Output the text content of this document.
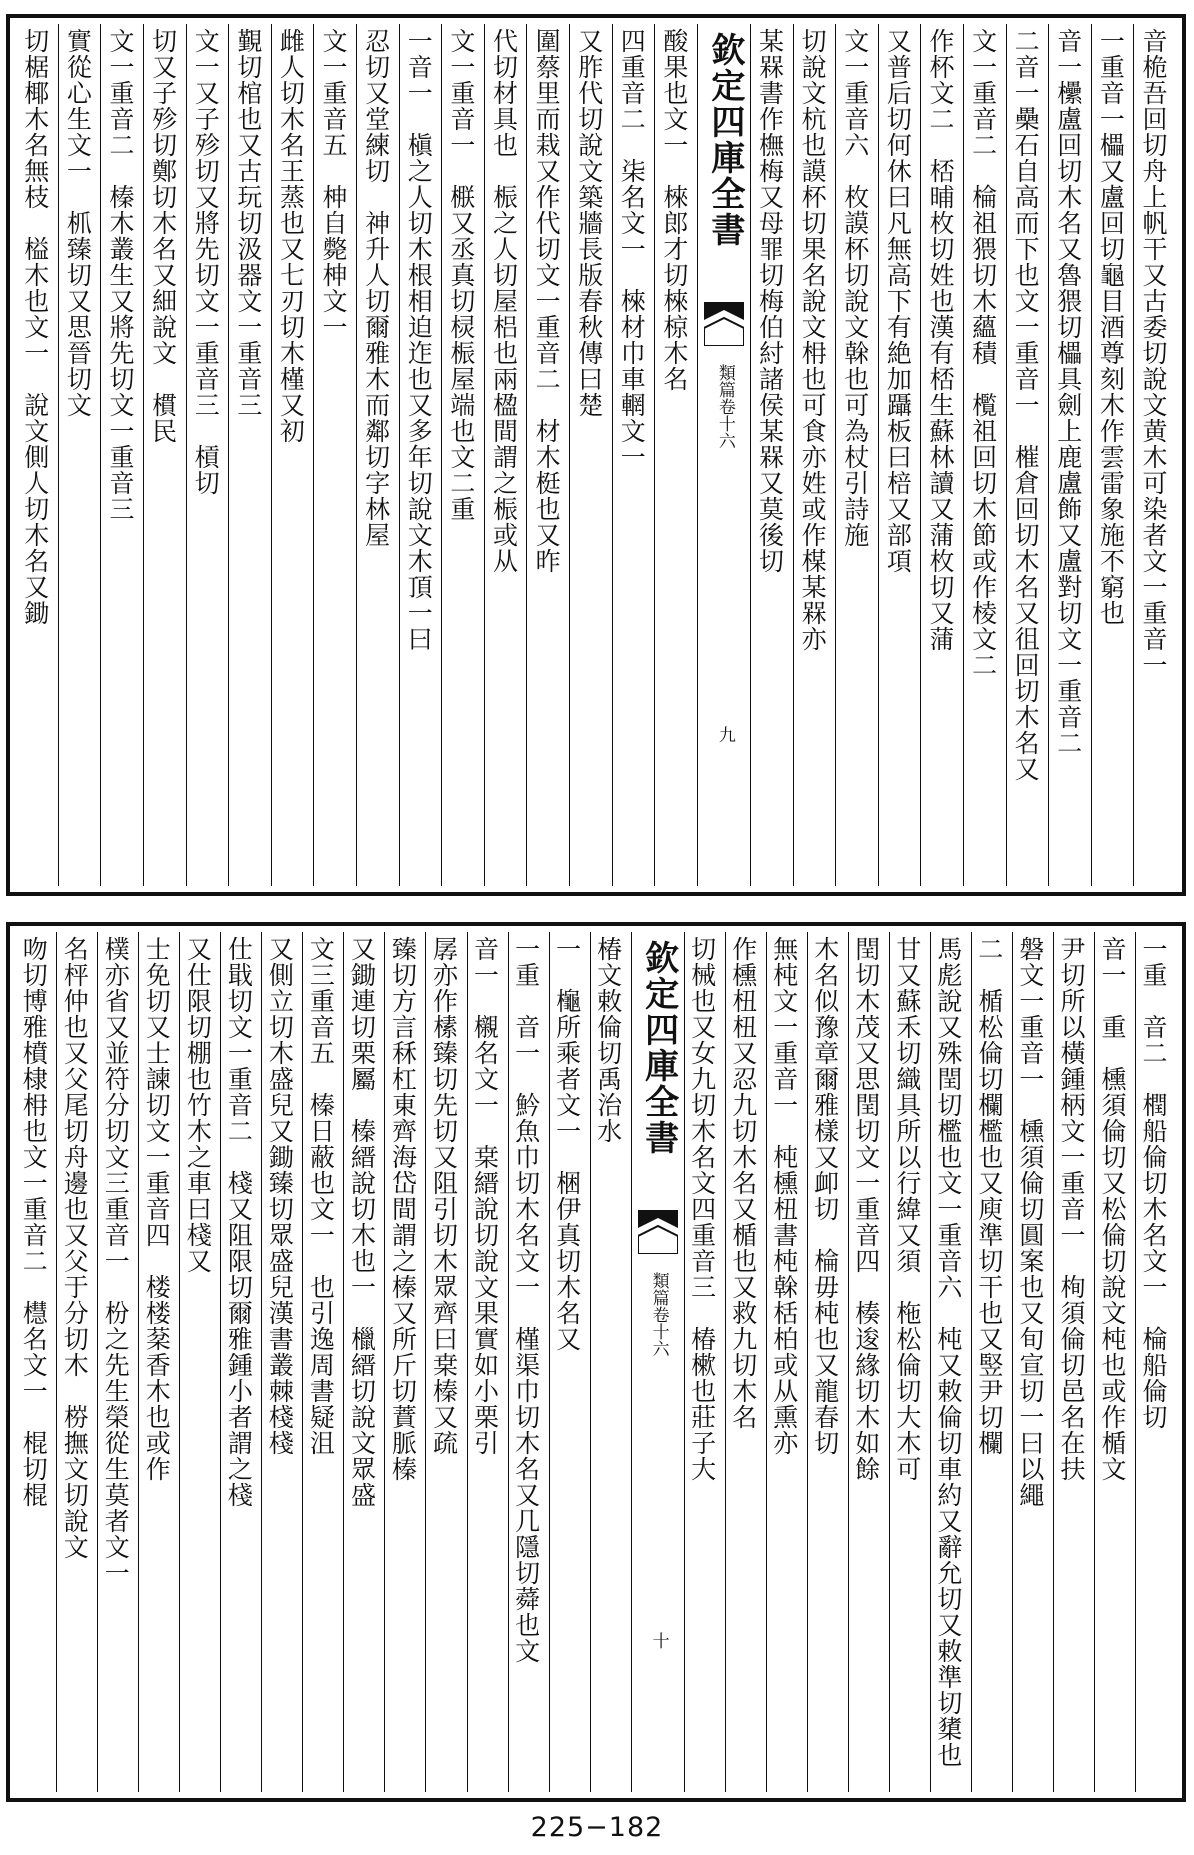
音桅吾回切舟上帆干又古委切說文黄木可染者文一重音一
一重音一櫑又盧回切龜目酒尊刻木作雲雷象施不窮也
音一欙盧回切木名又魯猥切櫑具劍上鹿盧飾又盧對切文一重音二
二音一櫐石自高而下也文一重音一　槯倉回切木名又徂回切木名又
文一重音二　棆祖猥切木蘊積　㰖祖回切木節或作棱文二
作杯文二　桮晡枚切姓也漢有桮生蘇林讀又蒲枚切又蒲
又普后切何休曰凡無高下有絶加躡板曰棓又部項
文一重音六　枚謨杯切說文榦也可為杖引詩施
切說文杭也謨杯切果名說文枏也可食亦姓或作楳某槑亦
某槑書作橅梅又母罪切梅伯紂諸侯某槑又莫後切
欽定四庫全書
類篇卷十六
九
酸果也文一　棶郎才切棶椋木名
四重音二　㭍名文一　棶材巾車輞文一
又胙代切說文築牆長版春秋傳曰楚
圍蔡里而栽又作代切文一重音二　材木梃也又昨
代切材具也　桭之人切屋梠也兩楹間謂之桭或从
文一重音一　㮳又丞真切棂桭屋端也文二重
一音一　槇之人切木根相迫迮也又多年切說文木頂一曰
忍切又堂練切　神升人切爾雅木而鄰切字林屋
文一重音五　柛自斃柛文一
雌人切木名王蒸也又七刃切木槿又初
覲切棺也又古玩切汲器文一重音三
文一又子殄切又將先切文一重音三　槓切
切又子殄切鄭切木名又細說文　樌民
文一重音二　榛木叢生又將先切文一重音三
實從心生文一　枛臻切又思晉切文
切椐椰木名無枝　榏木也文一　說文側人切木名又鋤
一重　音二　橍船倫切木名文一　棆船倫切
音一　重　櫄須倫切又松倫切說文杶也或作楯文
尹切所以橫鍾柄文一重音一　栒須倫切邑名在扶
磐文一重音一　櫄須倫切圓案也又旬宣切一曰以繩
二　楯松倫切欄檻也又庾準切干也又竪尹切欄
馬彪說又殊閏切檻也文一重音六　杶又敕倫切車約又辭允切又敕準切橥也
甘又蘇禾切織具所以行緯又須　柂松倫切大木可
閏切木茂又思閏切文一重音四　楱逡緣切木如餘
木名似豫章爾雅樣又卹切　棆毋杶也又龍春切
無杶文一重音一　杶櫄杻書杶榦栝柏或从熏亦
作櫄杻杻又忍九切木名又楯也又救九切木名
切械也又女九切木名文四重音三　椿樕也莊子大
欽定四庫全書
類篇卷十六
十
椿文敕倫切禹治水
一　櫷所乘者文一　梱伊真切木名又
一重　音一　䰼魚巾切木名文一　槿渠巾切木名又几隱切蕣也文
音一　櫬名文一　枽縉說切說文果實如小栗引
孱亦作榡臻切先切又阻引切木眾齊曰枽榛又疏
臻切方言秝杠東齊海岱間謂之榛又所斤切蕡脈榛
又鋤連切栗屬　榛縉說切木也一　㯿縉切說文眾盛
文三重音五　榛日蔽也文一　也引逸周書疑沮
又側立切木盛兒又鋤臻切眾盛兒漢書叢棘棧棧
仕戢切文一重音二　棧又阻限切爾雅鍾小者謂之棧
又仕限切棚也竹木之車曰棧又
士免切又士諫切文一重音四　楼楼棻香木也或作
樸亦省又並符分切文三重音一　枌之先生榮從生莫者文一
名枰仲也又父尾切舟邊也又父于分切木　梤撫文切說文
吻切博雅橨棣枏也文一重音二　櫘名文一　棍切棍
225−182
